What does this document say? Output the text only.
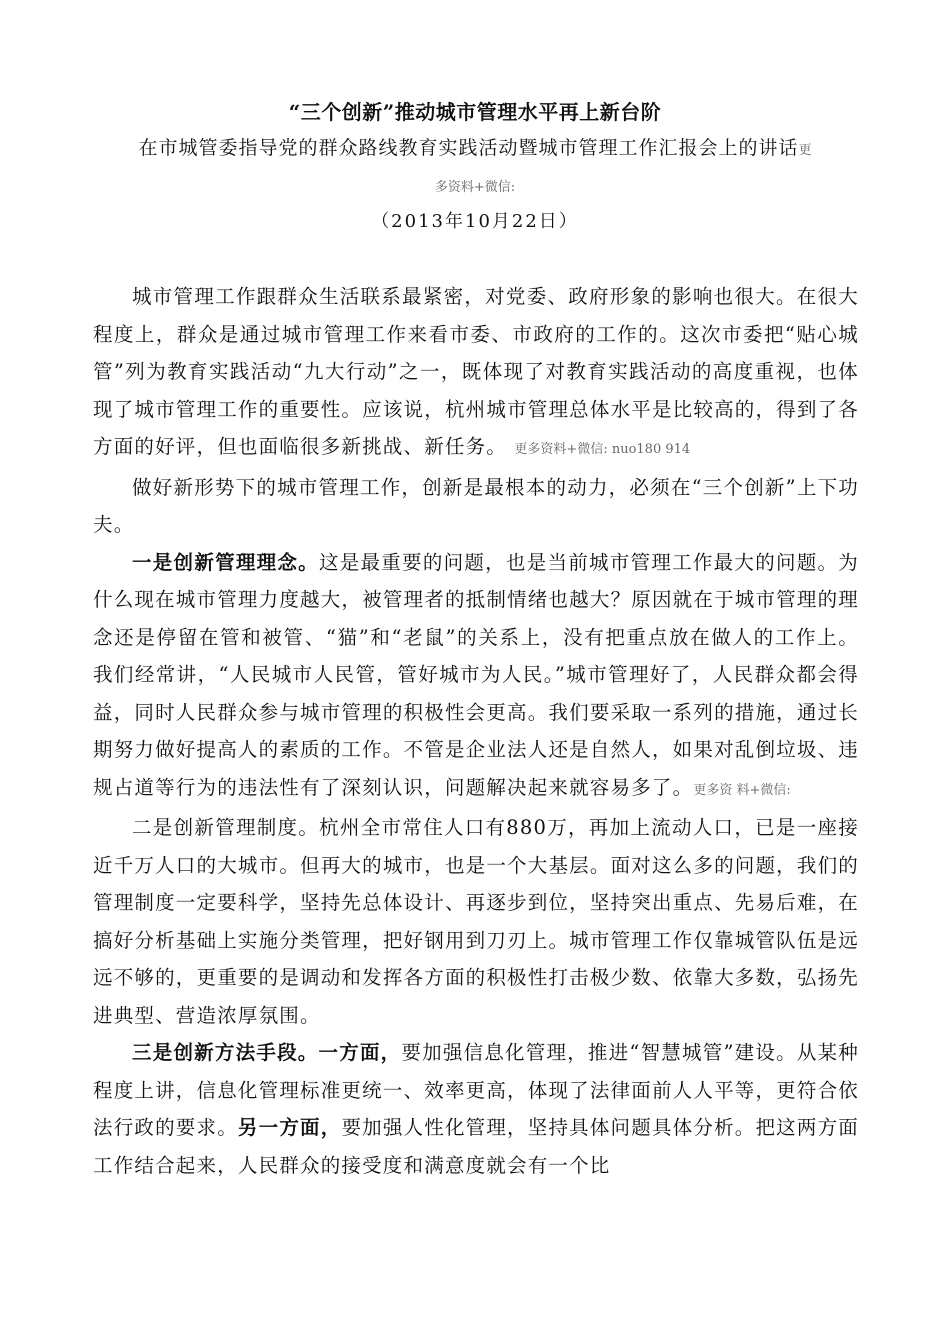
“三个创新”推动城市管理水平再上新台阶
在市城管委指导党的群众路线教育实践活动暨城市管理工作汇报会上的讲话更
多资料+微信:
（2013年10月22日）

城市管理工作跟群众生活联系最紧密，对党委、政府形象的影响也很大。在很大程度上，群众是通过城市管理工作来看市委、市政府的工作的。这次市委把“贴心城管”列为教育实践活动“九大行动”之一，既体现了对教育实践活动的高度重视，也体现了城市管理工作的重要性。应该说，杭州城市管理总体水平是比较高的，得到了各方面的好评，但也面临很多新挑战、新任务。 更多资料+微信: nuo180 914

做好新形势下的城市管理工作，创新是最根本的动力，必须在“三个创新”上下功夫。

一是创新管理理念。这是最重要的问题，也是当前城市管理工作最大的问题。为什么现在城市管理力度越大，被管理者的抵制情绪也越大？原因就在于城市管理的理念还是停留在管和被管、“猫”和“老鼠”的关系上，没有把重点放在做人的工作上。我们经常讲，“人民城市人民管，管好城市为人民。”城市管理好了，人民群众都会得益，同时人民群众参与城市管理的积极性会更高。我们要采取一系列的措施，通过长期努力做好提高人的素质的工作。不管是企业法人还是自然人，如果对乱倒垃圾、违规占道等行为的违法性有了深刻认识，问题解决起来就容易多了。更多资 料+微信:

二是创新管理制度。杭州全市常住人口有880万，再加上流动人口，已是一座接近千万人口的大城市。但再大的城市，也是一个大基层。面对这么多的问题，我们的管理制度一定要科学，坚持先总体设计、再逐步到位，坚持突出重点、先易后难，在搞好分析基础上实施分类管理，把好钢用到刀刃上。城市管理工作仅靠城管队伍是远远不够的，更重要的是调动和发挥各方面的积极性打击极少数、依靠大多数，弘扬先进典型、营造浓厚氛围。

三是创新方法手段。一方面，要加强信息化管理，推进“智慧城管”建设。从某种程度上讲，信息化管理标准更统一、效率更高，体现了法律面前人人平等，更符合依法行政的要求。另一方面，要加强人性化管理，坚持具体问题具体分析。把这两方面工作结合起来，人民群众的接受度和满意度就会有一个比
